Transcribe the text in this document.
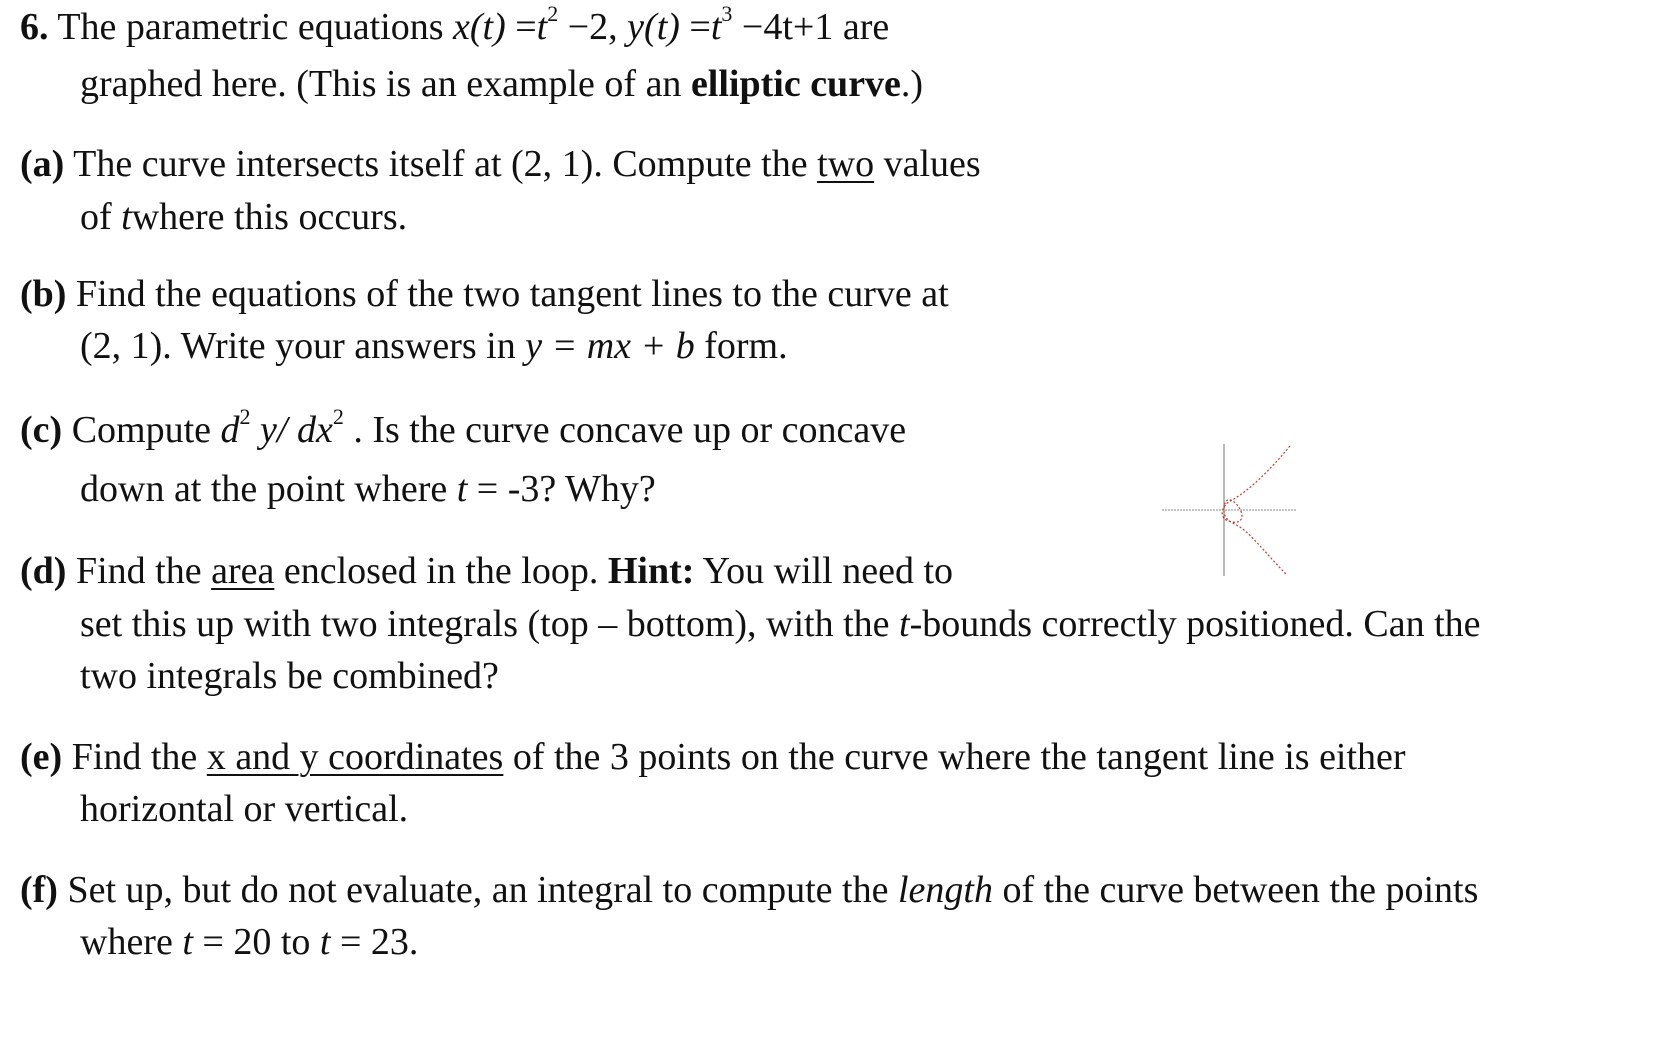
6. The parametric equations $x(t) =t^2 -2$, $y(t) =t^3 -4t+1$ are
graphed here. (This is an example of an elliptic curve.)
(a) The curve intersects itself at (2, 1). Compute the two values
of twhere this occurs.
(b) Find the equations of the two tangent lines to the curve at
(2, 1). Write your answers in y = mx + b form.
(c) Compute $d^2$ y/ $dx^2$ . Is the curve concave up or concave
down at the point where t = -3? Why?
(d) Find the area enclosed in the loop. Hint: You will need to
set this up with two integrals (top – bottom), with the t-bounds correctly positioned. Can the
two integrals be combined?
(e) Find the x and y coordinates of the 3 points on the curve where the tangent line is either
horizontal or vertical.
(f) Set up, but do not evaluate, an integral to compute the length of the curve between the points
where t = 20 to t = 23.
